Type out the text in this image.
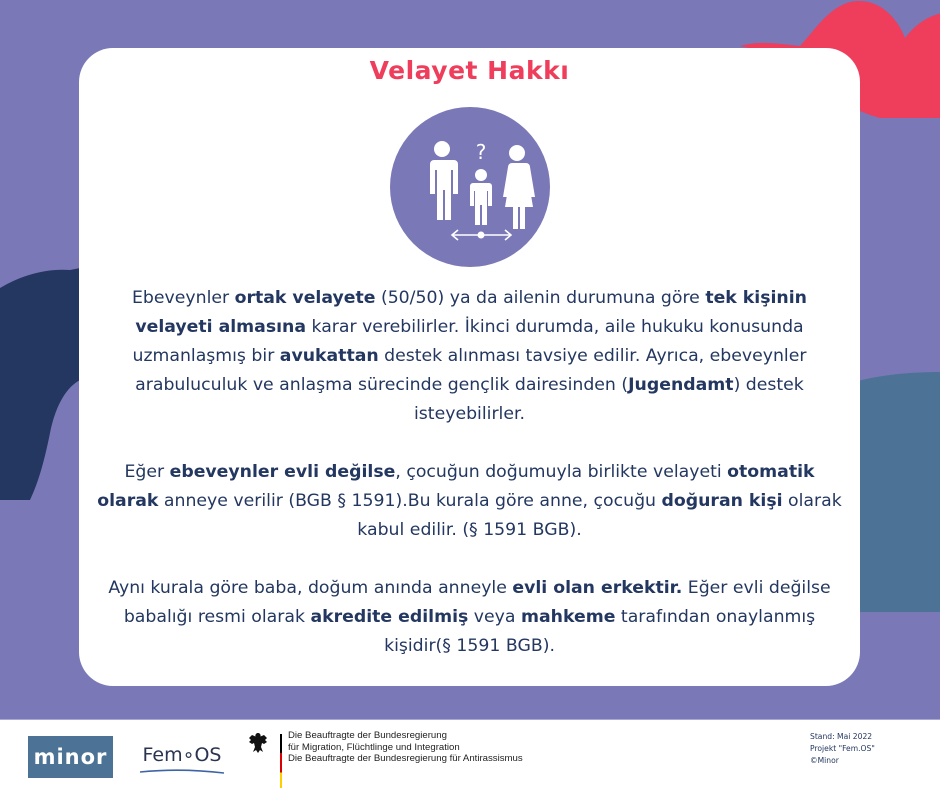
Velayet Hakkı
?

Ebeveynler ortak velayete (50/50) ya da ailenin durumuna göre tek kişinin velayeti almasına karar verebilirler. İkinci durumda, aile hukuku konusunda uzmanlaşmış bir avukattan destek alınması tavsiye edilir. Ayrıca, ebeveynler arabuluculuk ve anlaşma sürecinde gençlik dairesinden (Jugendamt) destek isteyebilirler.

Eğer ebeveynler evli değilse, çocuğun doğumuyla birlikte velayeti otomatik olarak anneye verilir (BGB § 1591).Bu kurala göre anne, çocuğu doğuran kişi olarak kabul edilir. (§ 1591 BGB).

Aynı kurala göre baba, doğum anında anneyle evli olan erkektir. Eğer evli değilse babalığı resmi olarak akredite edilmiş veya mahkeme tarafından onaylanmış kişidir(§ 1591 BGB).

minor	Fem∘OS
Die Beauftragte der Bundesregierung
für Migration, Flüchtlinge und Integration
Die Beauftragte der Bundesregierung für Antirassismus
Stand: Mai 2022
Projekt "Fem.OS"
©Minor
